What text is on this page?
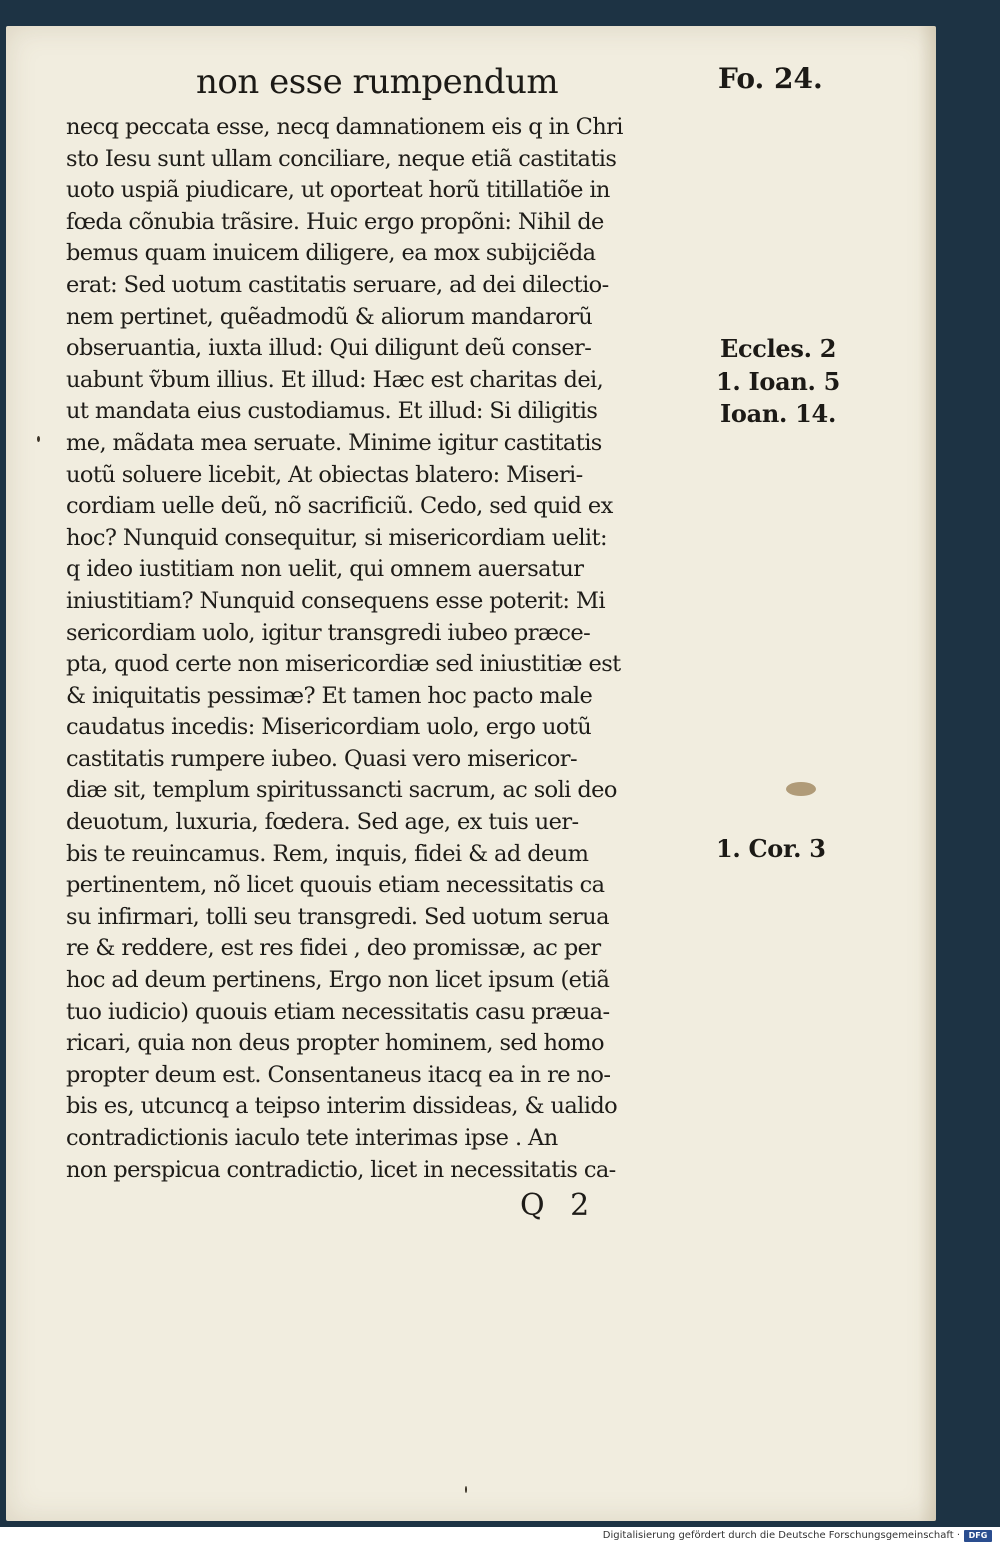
non esse rumpendum	Fo. 24.
necq peccata esse, necq damnationem eis q in Chri
sto Iesu sunt ullam conciliare, neque etiã castitatis
uoto uspiã piudicare, ut oporteat horũ titillatiõe in
fœda cõnubia trãsire. Huic ergo propõni: Nihil de
bemus quam inuicem diligere, ea mox subijciẽda
erat: Sed uotum castitatis seruare, ad dei dilectio-
nem pertinet, quẽadmodũ & aliorum mandarorũ
obseruantia, iuxta illud: Qui diligunt deũ conser-
uabunt ṽbum illius. Et illud: Hæc est charitas dei,
ut mandata eius custodiamus. Et illud: Si diligitis
me, mãdata mea seruate. Minime igitur castitatis
uotũ soluere licebit, At obiectas blatero: Miseri-
cordiam uelle deũ, nõ sacrificiũ. Cedo, sed quid ex
hoc? Nunquid consequitur, si misericordiam uelit:
q ideo iustitiam non uelit, qui omnem auersatur
iniustitiam? Nunquid consequens esse poterit: Mi
sericordiam uolo, igitur transgredi iubeo præce-
pta, quod certe non misericordiæ sed iniustitiæ est
& iniquitatis pessimæ? Et tamen hoc pacto male
caudatus incedis: Misericordiam uolo, ergo uotũ
castitatis rumpere iubeo. Quasi vero misericor-
diæ sit, templum spiritussancti sacrum, ac soli deo
deuotum, luxuria, fœdera. Sed age, ex tuis uer-
bis te reuincamus. Rem, inquis, fidei & ad deum
pertinentem, nõ licet quouis etiam necessitatis ca
su infirmari, tolli seu transgredi. Sed uotum serua
re & reddere, est res fidei , deo promissæ, ac per
hoc ad deum pertinens, Ergo non licet ipsum (etiã
tuo iudicio) quouis etiam necessitatis casu præua-
ricari, quia non deus propter hominem, sed homo
propter deum est. Consentaneus itacq ea in re no-
bis es, utcuncq a teipso interim dissideas, & ualido
contradictionis iaculo tete interimas ipse . An
non perspicua contradictio, licet in necessitatis ca-
Eccles. 2
1. Ioan. 5
Ioan. 14.
1. Cor. 3
Q 2
Digitalisierung gefördert durch die Deutsche Forschungsgemeinschaft ·	DFG
